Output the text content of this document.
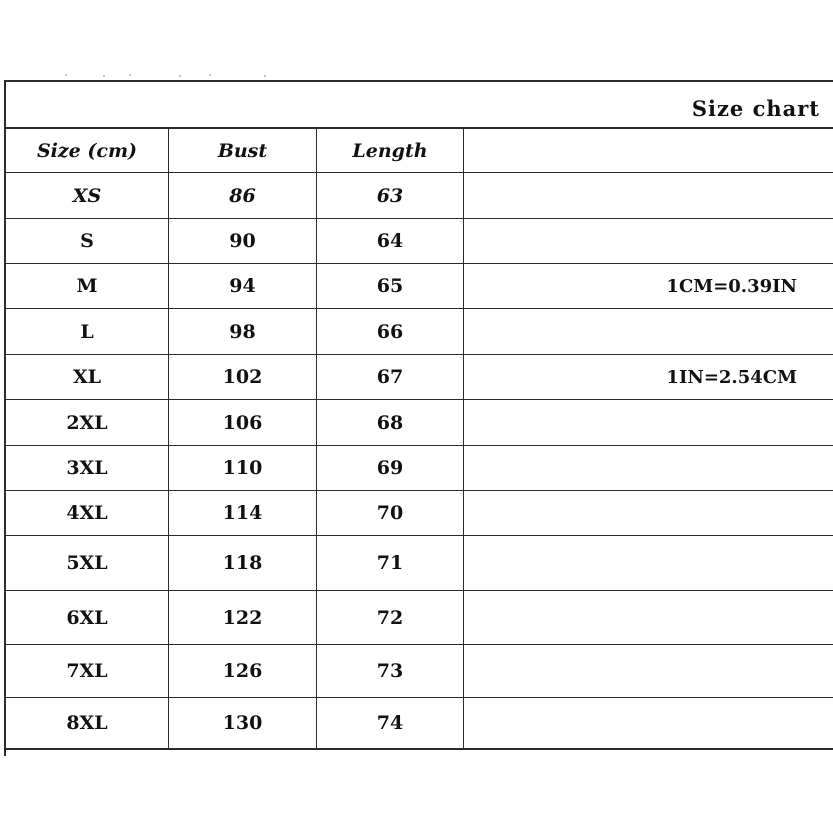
Size chart
Size (cm)	Bust	Length
XS	86	63
S	90	64
M	94	65
L	98	66
XL	102	67
2XL	106	68
3XL	110	69
4XL	114	70
5XL	118	71
6XL	122	72
7XL	126	73
8XL	130	74
1CM=0.39IN
1IN=2.54CM
